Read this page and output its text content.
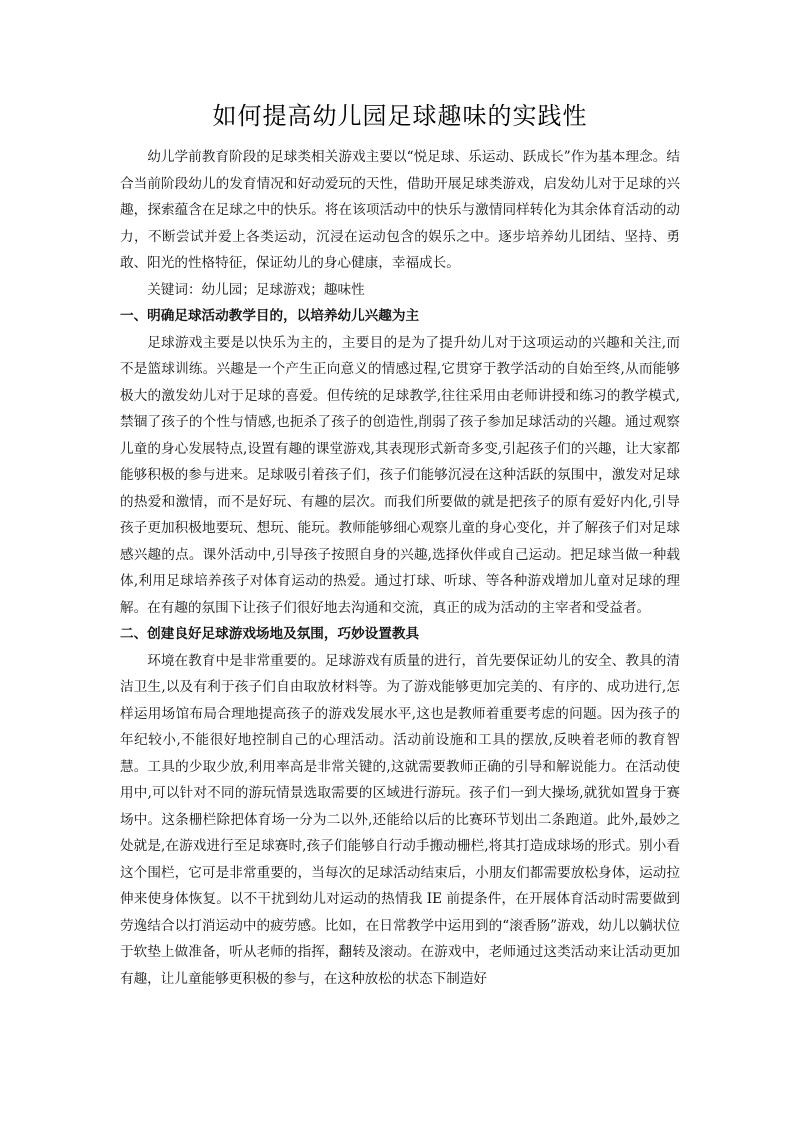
如何提高幼儿园足球趣味的实践性

幼儿学前教育阶段的足球类相关游戏主要以“悦足球、乐运动、跃成长”作为基本理念。结合当前阶段幼儿的发育情况和好动爱玩的天性，借助开展足球类游戏，启发幼儿对于足球的兴趣，探索蕴含在足球之中的快乐。将在该项活动中的快乐与激情同样转化为其余体育活动的动力，不断尝试并爱上各类运动，沉浸在运动包含的娱乐之中。逐步培养幼儿团结、坚持、勇敢、阳光的性格特征，保证幼儿的身心健康，幸福成长。

关键词：幼儿园；足球游戏；趣味性

一、明确足球活动教学目的，以培养幼儿兴趣为主

足球游戏主要是以快乐为主的，主要目的是为了提升幼儿对于这项运动的兴趣和关注,而不是篮球训练。兴趣是一个产生正向意义的情感过程,它贯穿于教学活动的自始至终,从而能够极大的激发幼儿对于足球的喜爱。但传统的足球教学,往往采用由老师讲授和练习的教学模式,禁锢了孩子的个性与情感,也扼杀了孩子的创造性,削弱了孩子参加足球活动的兴趣。通过观察儿童的身心发展特点,设置有趣的课堂游戏,其表现形式新奇多变,引起孩子们的兴趣，让大家都能够积极的参与进来。足球吸引着孩子们，孩子们能够沉浸在这种活跃的氛围中，激发对足球的热爱和激情，而不是好玩、有趣的层次。而我们所要做的就是把孩子的原有爱好内化,引导孩子更加积极地要玩、想玩、能玩。教师能够细心观察儿童的身心变化，并了解孩子们对足球感兴趣的点。课外活动中,引导孩子按照自身的兴趣,选择伙伴或自己运动。把足球当做一种载体,利用足球培养孩子对体育运动的热爱。通过打球、听球、等各种游戏增加儿童对足球的理解。在有趣的氛围下让孩子们很好地去沟通和交流，真正的成为活动的主宰者和受益者。

二、创建良好足球游戏场地及氛围，巧妙设置教具

环境在教育中是非常重要的。足球游戏有质量的进行，首先要保证幼儿的安全、教具的清洁卫生,以及有利于孩子们自由取放材料等。为了游戏能够更加完美的、有序的、成功进行,怎样运用场馆布局合理地提高孩子的游戏发展水平,这也是教师着重要考虑的问题。因为孩子的年纪较小,不能很好地控制自己的心理活动。活动前设施和工具的摆放,反映着老师的教育智慧。工具的少取少放,利用率高是非常关键的,这就需要教师正确的引导和解说能力。在活动使用中,可以针对不同的游玩情景选取需要的区域进行游玩。孩子们一到大操场,就犹如置身于赛场中。这条栅栏除把体育场一分为二以外,还能给以后的比赛环节划出二条跑道。此外,最妙之处就是,在游戏进行至足球赛时,孩子们能够自行动手搬动栅栏,将其打造成球场的形式。别小看这个围栏，它可是非常重要的，当每次的足球活动结束后，小朋友们都需要放松身体，运动拉伸来使身体恢复。以不干扰到幼儿对运动的热情我 IE 前提条件，在开展体育活动时需要做到劳逸结合以打消运动中的疲劳感。比如，在日常教学中运用到的“滚香肠”游戏，幼儿以躺状位于软垫上做准备，听从老师的指挥，翻转及滚动。在游戏中，老师通过这类活动来让活动更加有趣，让儿童能够更积极的参与，在这种放松的状态下制造好
